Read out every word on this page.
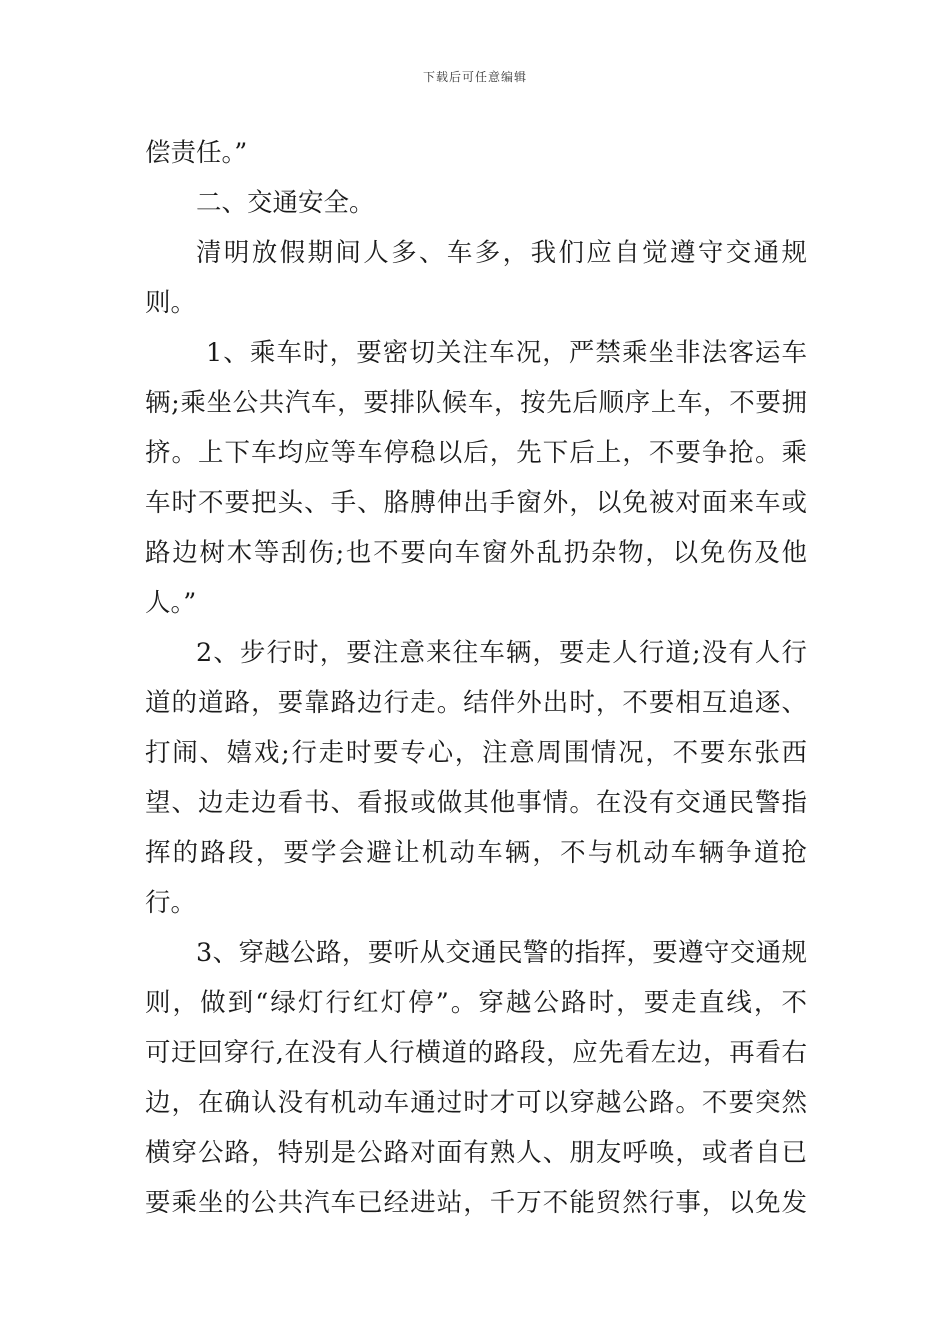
下载后可任意编辑
偿责任。”
二、交通安全。
清明放假期间人多、车多，我们应自觉遵守交通规
则。
1、乘车时，要密切关注车况，严禁乘坐非法客运车
辆;乘坐公共汽车，要排队候车，按先后顺序上车，不要拥
挤。上下车均应等车停稳以后，先下后上，不要争抢。乘
车时不要把头、手、胳膊伸出手窗外，以免被对面来车或
路边树木等刮伤;也不要向车窗外乱扔杂物，以免伤及他
人。”
2、步行时，要注意来往车辆，要走人行道;没有人行
道的道路，要靠路边行走。结伴外出时，不要相互追逐、
打闹、嬉戏;行走时要专心，注意周围情况，不要东张西
望、边走边看书、看报或做其他事情。在没有交通民警指
挥的路段，要学会避让机动车辆，不与机动车辆争道抢
行。
3、穿越公路，要听从交通民警的指挥，要遵守交通规
则，做到“绿灯行红灯停”。穿越公路时，要走直线，不
可迂回穿行,在没有人行横道的路段，应先看左边，再看右
边，在确认没有机动车通过时才可以穿越公路。不要突然
横穿公路，特别是公路对面有熟人、朋友呼唤，或者自已
要乘坐的公共汽车已经进站，千万不能贸然行事，以免发
